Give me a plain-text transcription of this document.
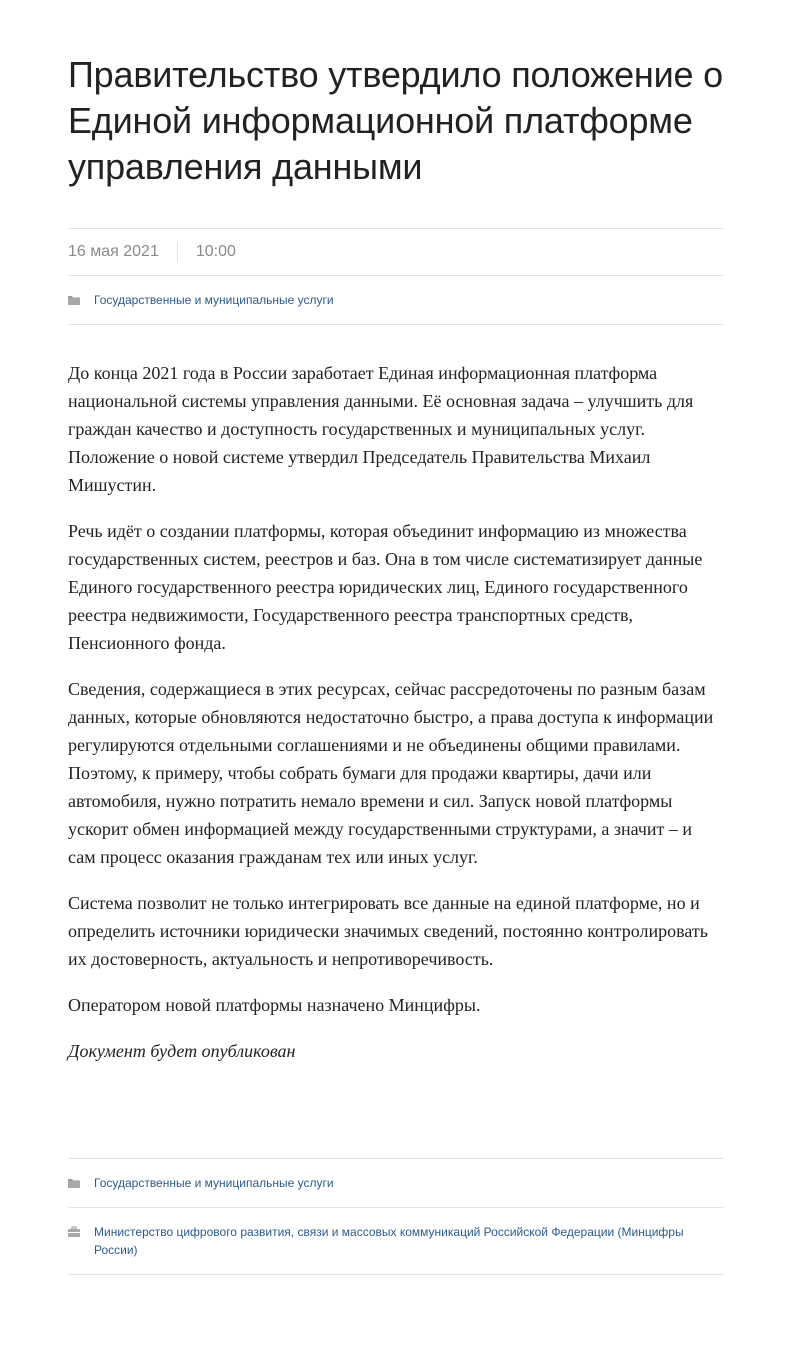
Правительство утвердило положение о Единой информационной платформе управления данными
16 мая 2021	10:00
Государственные и муниципальные услуги

До конца 2021 года в России заработает Единая информационная платформа национальной системы управления данными. Её основная задача – улучшить для граждан качество и доступность государственных и муниципальных услуг. Положение о новой системе утвердил Председатель Правительства Михаил Мишустин.

Речь идёт о создании платформы, которая объединит информацию из множества государственных систем, реестров и баз. Она в том числе систематизирует данные Единого государственного реестра юридических лиц, Единого государственного реестра недвижимости, Государственного реестра транспортных средств, Пенсионного фонда.

Сведения, содержащиеся в этих ресурсах, сейчас рассредоточены по разным базам данных, которые обновляются недостаточно быстро, а права доступа к информации регулируются отдельными соглашениями и не объединены общими правилами. Поэтому, к примеру, чтобы собрать бумаги для продажи квартиры, дачи или автомобиля, нужно потратить немало времени и сил. Запуск новой платформы ускорит обмен информацией между государственными структурами, а значит – и сам процесс оказания гражданам тех или иных услуг.

Система позволит не только интегрировать все данные на единой платформе, но и определить источники юридически значимых сведений, постоянно контролировать их достоверность, актуальность и непротиворечивость.

Оператором новой платформы назначено Минцифры.

Документ будет опубликован

Государственные и муниципальные услуги
Министерство цифрового развития, связи и массовых коммуникаций Российской Федерации (Минцифры России)
